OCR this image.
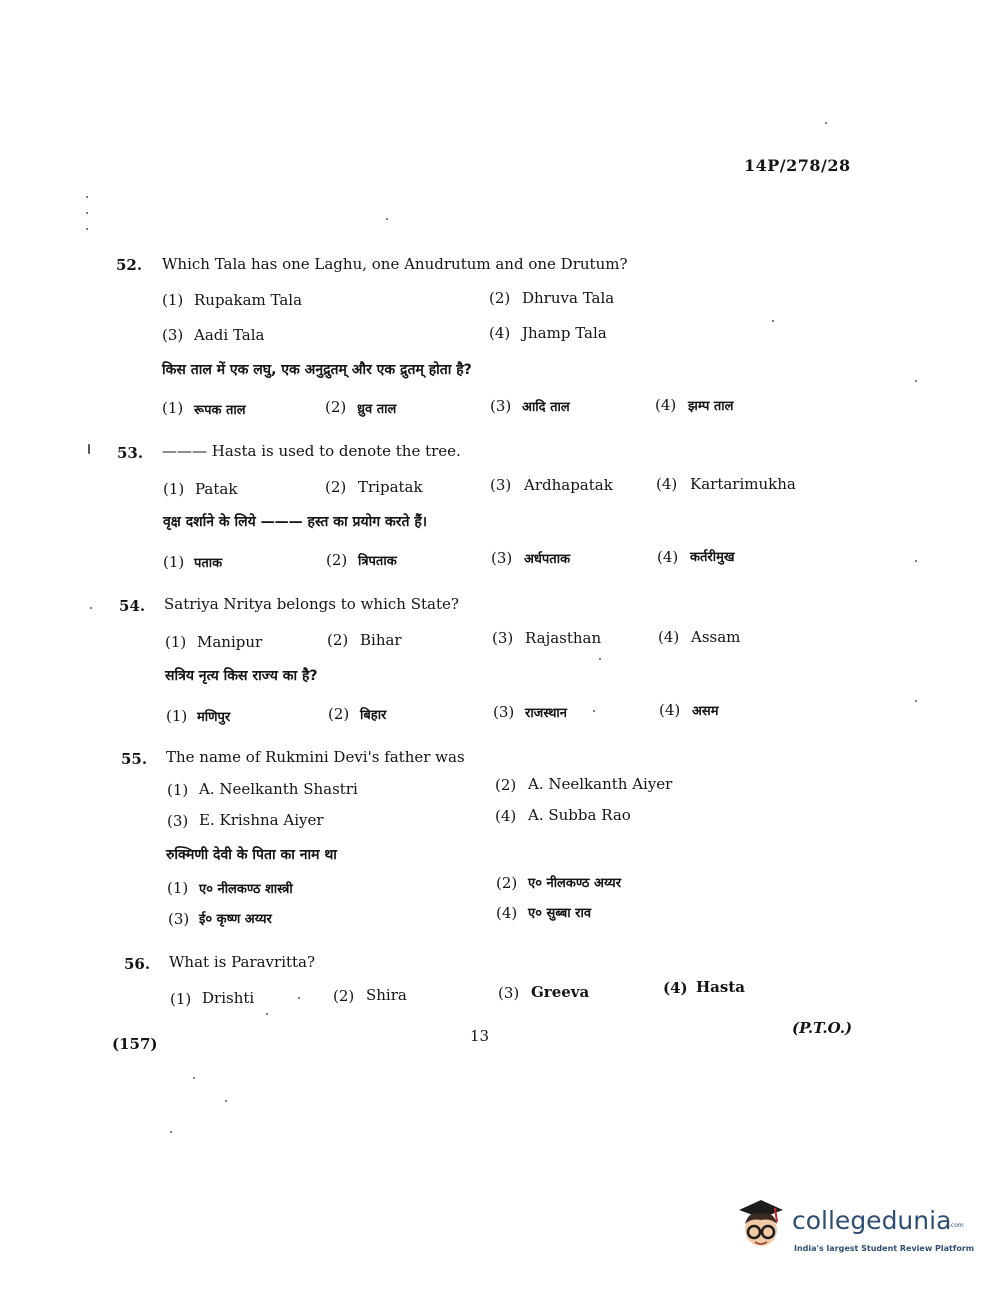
14P/278/28
52. Which Tala has one Laghu, one Anudrutum and one Drutum?
(1) Rupakam Tala	(2) Dhruva Tala
(3) Aadi Tala	(4) Jhamp Tala
किस ताल में एक लघु, एक अनुद्रुतम् और एक द्रुतम् होता है?
(1) रूपक ताल	(2) ध्रुव ताल	(3) आदि ताल	(4) झम्प ताल
53. ——— Hasta is used to denote the tree.
(1) Patak	(2) Tripatak	(3) Ardhapatak	(4) Kartarimukha
वृक्ष दर्शाने के लिये ——— हस्त का प्रयोग करते हैं।
(1) पताक	(2) त्रिपताक	(3) अर्धपताक	(4) कर्तरीमुख
54. Satriya Nritya belongs to which State?
(1) Manipur	(2) Bihar	(3) Rajasthan	(4) Assam
सत्रिय नृत्य किस राज्य का है?
(1) मणिपुर	(2) बिहार	(3) राजस्थान	(4) असम
55. The name of Rukmini Devi's father was
(1) A. Neelkanth Shastri	(2) A. Neelkanth Aiyer
(3) E. Krishna Aiyer	(4) A. Subba Rao
रुक्मिणी देवी के पिता का नाम था
(1) ए० नीलकण्ठ शास्त्री	(2) ए० नीलकण्ठ अय्यर
(3) ई० कृष्ण अय्यर	(4) ए० सुब्बा राव
56. What is Paravritta?
(1) Drishti	(2) Shira	(3) Greeva	(4) Hasta
(157)	13	(P.T.O.)
collegedunia
.com
India's largest Student Review Platform
